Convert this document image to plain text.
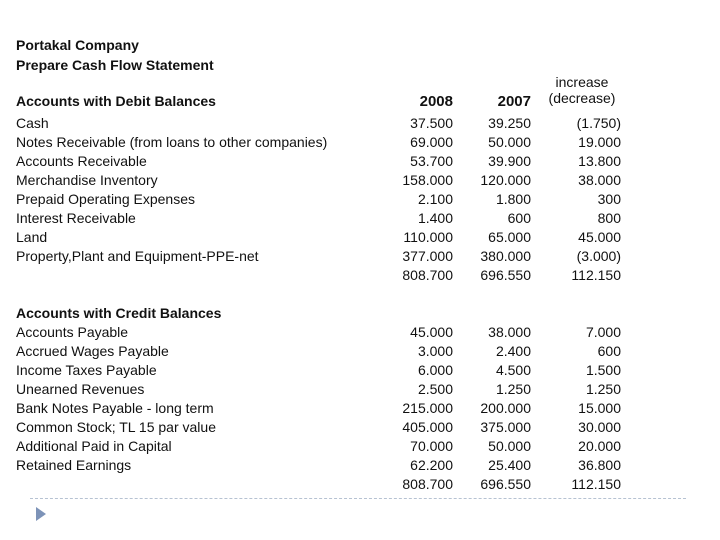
Portakal Company
Prepare Cash Flow Statement
increase
(decrease)
Accounts with Debit Balances	2008	2007
Cash	37.500	39.250	(1.750)
Notes Receivable (from loans to other companies)	69.000	50.000	19.000
Accounts Receivable	53.700	39.900	13.800
Merchandise Inventory	158.000 120.000	38.000
Prepaid Operating Expenses	2.100	1.800	300
Interest Receivable	1.400	600	800
Land	110.000	65.000	45.000
Property,Plant and Equipment-PPE-net	377.000 380.000	(3.000)
808.700 696.550	112.150
Accounts with Credit Balances
Accounts Payable	45.000	38.000	7.000
Accrued Wages Payable	3.000	2.400	600
Income Taxes Payable	6.000	4.500	1.500
Unearned Revenues	2.500	1.250	1.250
Bank Notes Payable - long term	215.000 200.000	15.000
Common Stock; TL 15 par value	405.000 375.000	30.000
Additional Paid in Capital	70.000	50.000	20.000
Retained Earnings	62.200	25.400	36.800
808.700 696.550	112.150
